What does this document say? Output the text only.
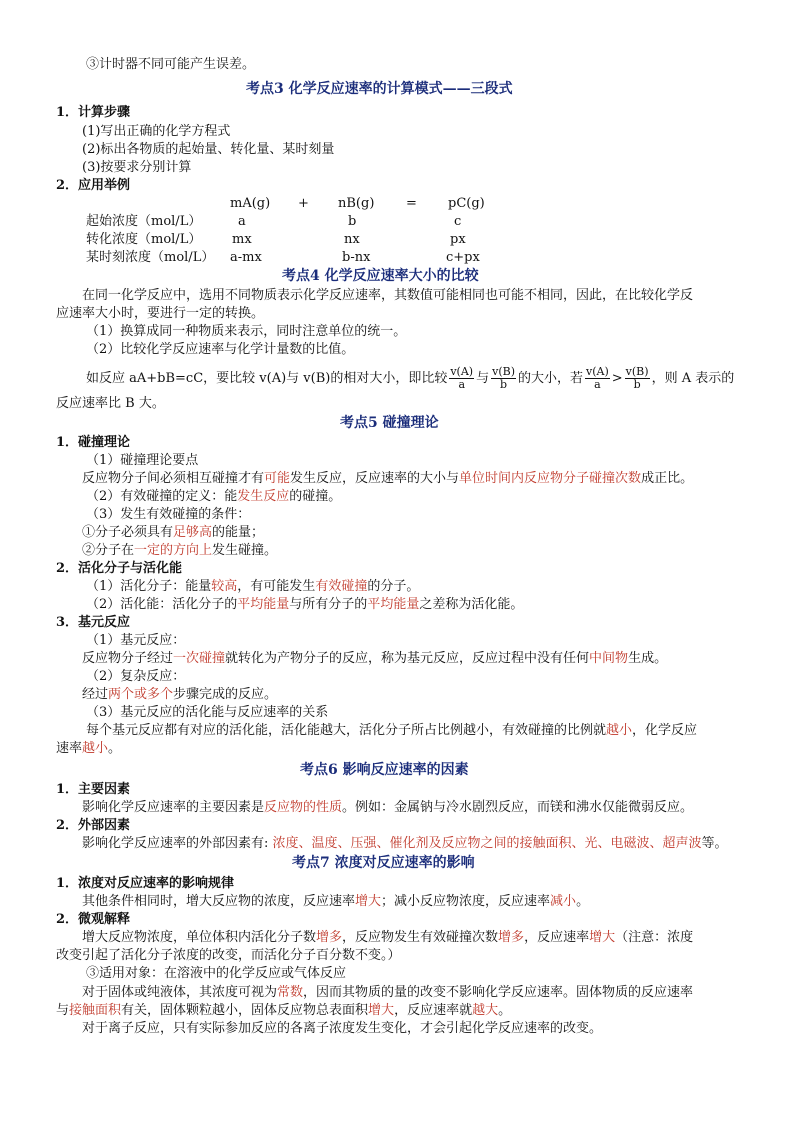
③计时器不同可能产生误差。
考点3 化学反应速率的计算模式——三段式
1．计算步骤
(1)写出正确的化学方程式
(2)标出各物质的起始量、转化量、某时刻量
(3)按要求分别计算
2．应用举例
mA(g) + nB(g) = pC(g)
起始浓度（mol/L）	a	b	c
转化浓度（mol/L） mx	nx	px
某时刻浓度（mol/L） a-mx	b-nx	c+px
考点4 化学反应速率大小的比较
在同一化学反应中，选用不同物质表示化学反应速率，其数值可能相同也可能不相同，因此，在比较化学反
应速率大小时，要进行一定的转换。
（1）换算成同一种物质来表示，同时注意单位的统一。
（2）比较化学反应速率与化学计量数的比值。
如反应 aA+bB=cC，要比较 v(A)与 v(B)的相对大小，即比较 $\frac{v(A)}{a}$ 与 $\frac{v(B)}{b}$ 的大小，若 $\frac{v(A)}{a} > \frac{v(B)}{b}$ ，则 A 表示的
反应速率比 B 大。
考点5 碰撞理论
1．碰撞理论
（1）碰撞理论要点
反应物分子间必须相互碰撞才有可能发生反应，反应速率的大小与单位时间内反应物分子碰撞次数成正比。
（2）有效碰撞的定义：能发生反应的碰撞。
（3）发生有效碰撞的条件：
①分子必须具有足够高的能量；
②分子在一定的方向上发生碰撞。
2．活化分子与活化能
（1）活化分子：能量较高，有可能发生有效碰撞的分子。
（2）活化能：活化分子的平均能量与所有分子的平均能量之差称为活化能。
3．基元反应
（1）基元反应：
反应物分子经过一次碰撞就转化为产物分子的反应，称为基元反应，反应过程中没有任何中间物生成。
（2）复杂反应：
经过两个或多个步骤完成的反应。
（3）基元反应的活化能与反应速率的关系
每个基元反应都有对应的活化能，活化能越大，活化分子所占比例越小，有效碰撞的比例就越小，化学反应
速率越小。
考点6 影响反应速率的因素
1．主要因素
影响化学反应速率的主要因素是反应物的性质。例如：金属钠与冷水剧烈反应，而镁和沸水仅能微弱反应。
2．外部因素
影响化学反应速率的外部因素有: 浓度、温度、压强、催化剂及反应物之间的接触面积、光、电磁波、超声波等。
考点7 浓度对反应速率的影响
1．浓度对反应速率的影响规律
其他条件相同时，增大反应物的浓度，反应速率增大；减小反应物浓度，反应速率减小。
2．微观解释
增大反应物浓度，单位体积内活化分子数增多，反应物发生有效碰撞次数增多，反应速率增大（注意：浓度
改变引起了活化分子浓度的改变，而活化分子百分数不变。）
③适用对象：在溶液中的化学反应或气体反应
对于固体或纯液体，其浓度可视为常数，因而其物质的量的改变不影响化学反应速率。固体物质的反应速率
与接触面积有关，固体颗粒越小，固体反应物总表面积增大，反应速率就越大。
对于离子反应，只有实际参加反应的各离子浓度发生变化，才会引起化学反应速率的改变。
